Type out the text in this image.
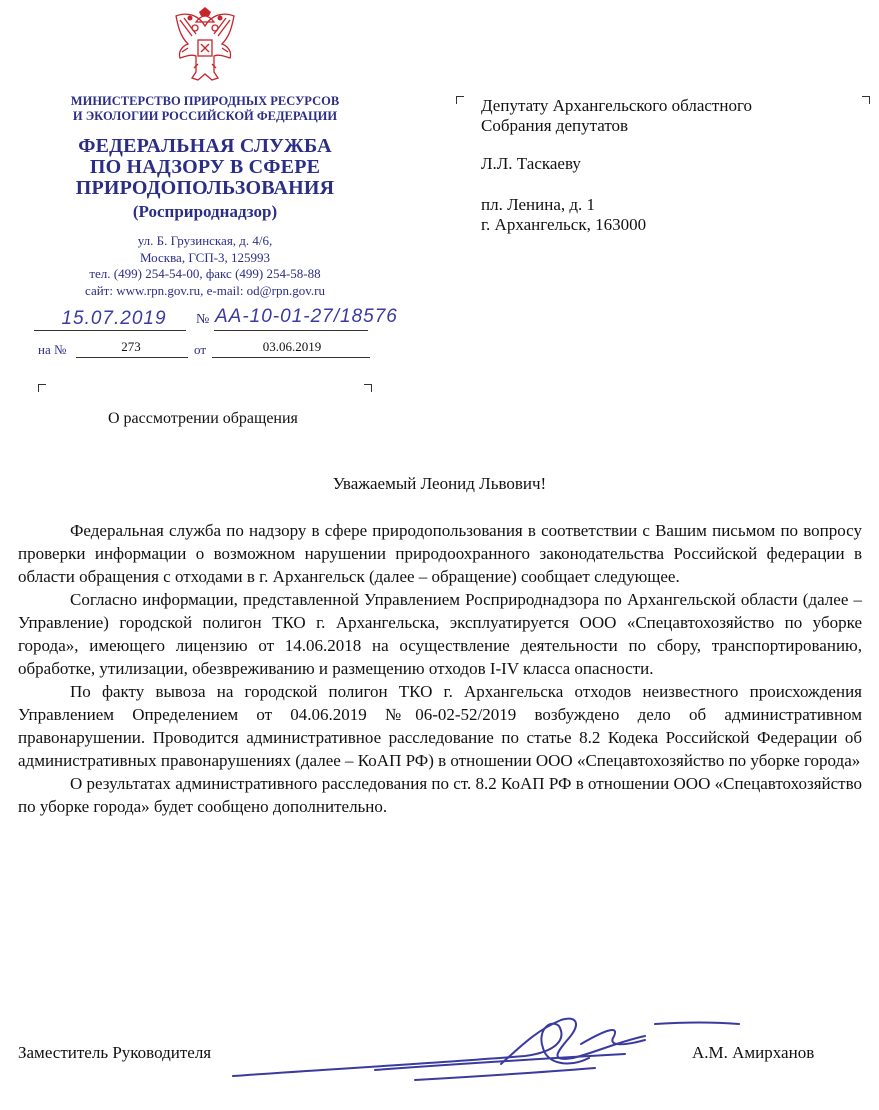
МИНИСТЕРСТВО ПРИРОДНЫХ РЕСУРСОВ
И ЭКОЛОГИИ РОССИЙСКОЙ ФЕДЕРАЦИИ
ФЕДЕРАЛЬНАЯ СЛУЖБА
ПО НАДЗОРУ В СФЕРЕ
ПРИРОДОПОЛЬЗОВАНИЯ
(Росприроднадзор)
ул. Б. Грузинская, д. 4/6,
Москва, ГСП-3, 125993
тел. (499) 254-54-00, факс (499) 254-58-88
сайт: www.rpn.gov.ru, e-mail: od@rpn.gov.ru
15.07.2019	№ АА-10-01-27/18576
на №	273	от	03.06.2019
О рассмотрении обращения
Депутату Архангельского областного
Собрания депутатов
Л.Л. Таскаеву
пл. Ленина, д. 1
г. Архангельск, 163000
Уважаемый Леонид Львович!

Федеральная служба по надзору в сфере природопользования в соответствии с Вашим письмом по вопросу проверки информации о возможном нарушении природоохранного законодательства Российской федерации в области обращения с отходами в г. Архангельск (далее – обращение) сообщает следующее.

Согласно информации, представленной Управлением Росприроднадзора по Архангельской области (далее – Управление) городской полигон ТКО г. Архангельска, эксплуатируется ООО «Спецавтохозяйство по уборке города», имеющего лицензию от 14.06.2018 на осуществление деятельности по сбору, транспортированию, обработке, утилизации, обезвреживанию и размещению отходов I-IV класса опасности.

По факту вывоза на городской полигон ТКО г. Архангельска отходов неизвестного происхождения Управлением Определением от 04.06.2019 №06-02-52/2019 возбуждено дело об административном правонарушении. Проводится административное расследование по статье 8.2 Кодека Российской Федерации об административных правонарушениях (далее – КоАП РФ) в отношении ООО «Спецавтохозяйство по уборке города»

О результатах административного расследования по ст. 8.2 КоАП РФ в отношении ООО «Спецавтохозяйство по уборке города» будет сообщено дополнительно.

Заместитель Руководителя	А.М. Амирханов
